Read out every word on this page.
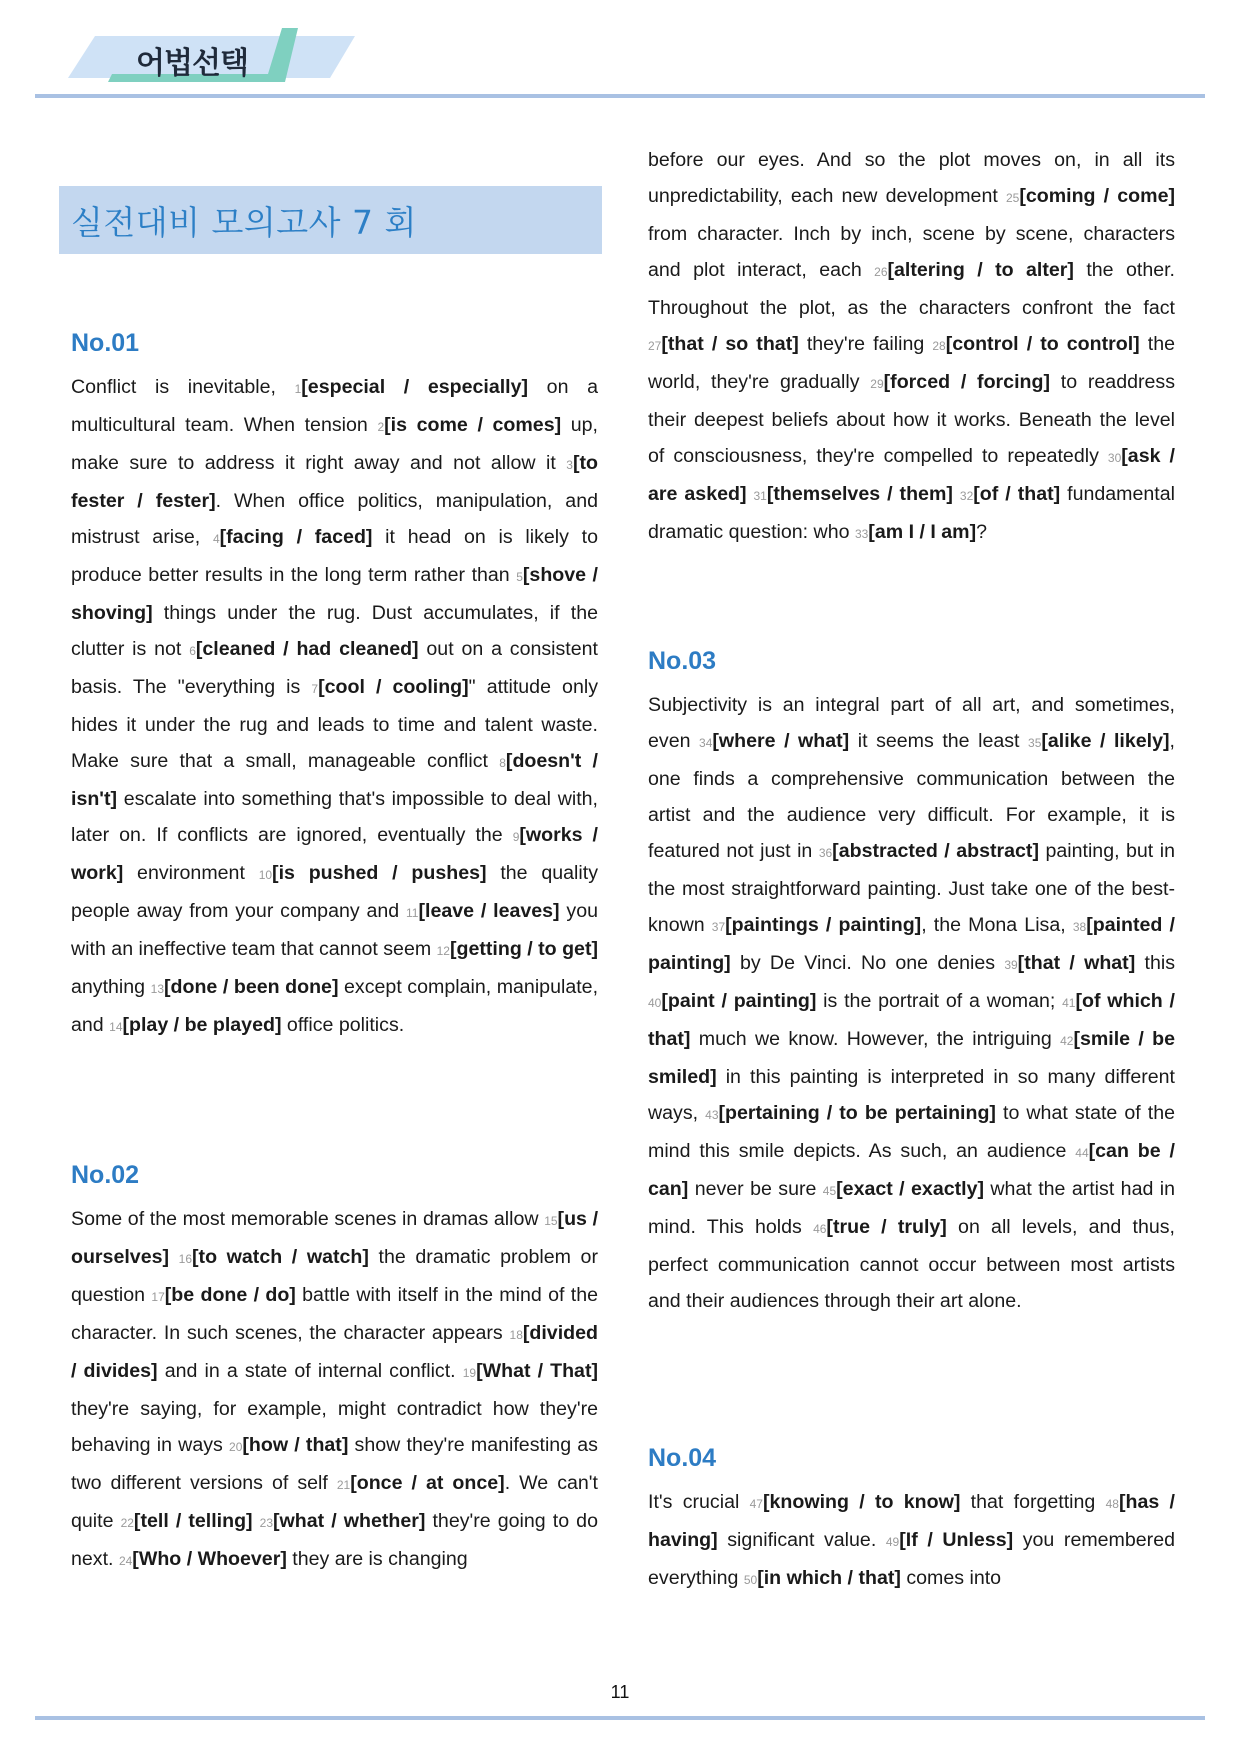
어법선택
실전대비 모의고사 7 회
No.01

Conflict is inevitable, 1[especial / especially] on a multicultural team. When tension 2[is come / comes] up, make sure to address it right away and not allow it 3[to fester / fester]. When office politics, manipulation, and mistrust arise, 4[facing / faced] it head on is likely to produce better results in the long term rather than 5[shove / shoving] things under the rug. Dust accumulates, if the clutter is not 6[cleaned / had cleaned] out on a consistent basis. The "everything is 7[cool / cooling]" attitude only hides it under the rug and leads to time and talent waste. Make sure that a small, manageable conflict 8[doesn't / isn't] escalate into something that's impossible to deal with, later on. If conflicts are ignored, eventually the 9[works / work] environment 10[is pushed / pushes] the quality people away from your company and 11[leave / leaves] you with an ineffective team that cannot seem 12[getting / to get] anything 13[done / been done] except complain, manipulate, and 14[play / be played] office politics.

No.02

Some of the most memorable scenes in dramas allow 15[us / ourselves] 16[to watch / watch] the dramatic problem or question 17[be done / do] battle with itself in the mind of the character. In such scenes, the character appears 18[divided / divides] and in a state of internal conflict. 19[What / That] they're saying, for example, might contradict how they're behaving in ways 20[how / that] show they're manifesting as two different versions of self 21[once / at once]. We can't quite 22[tell / telling] 23[what / whether] they're going to do next. 24[Who / Whoever] they are is changing

before our eyes. And so the plot moves on, in all its unpredictability, each new development 25[coming / come] from character. Inch by inch, scene by scene, characters and plot interact, each 26[altering / to alter] the other. Throughout the plot, as the characters confront the fact 27[that / so that] they're failing 28[control / to control] the world, they're gradually 29[forced / forcing] to readdress their deepest beliefs about how it works. Beneath the level of consciousness, they're compelled to repeatedly 30[ask / are asked] 31[themselves / them] 32[of / that] fundamental dramatic question: who 33[am I / I am]?

No.03

Subjectivity is an integral part of all art, and sometimes, even 34[where / what] it seems the least 35[alike / likely], one finds a comprehensive communication between the artist and the audience very difficult. For example, it is featured not just in 36[abstracted / abstract] painting, but in the most straightforward painting. Just take one of the best-known 37[paintings / painting], the Mona Lisa, 38[painted / painting] by De Vinci. No one denies 39[that / what] this 40[paint / painting] is the portrait of a woman; 41[of which / that] much we know. However, the intriguing 42[smile / be smiled] in this painting is interpreted in so many different ways, 43[pertaining / to be pertaining] to what state of the mind this smile depicts. As such, an audience 44[can be / can] never be sure 45[exact / exactly] what the artist had in mind. This holds 46[true / truly] on all levels, and thus, perfect communication cannot occur between most artists and their audiences through their art alone.

No.04

It's crucial 47[knowing / to know] that forgetting 48[has / having] significant value. 49[If / Unless] you remembered everything 50[in which / that] comes into

11
